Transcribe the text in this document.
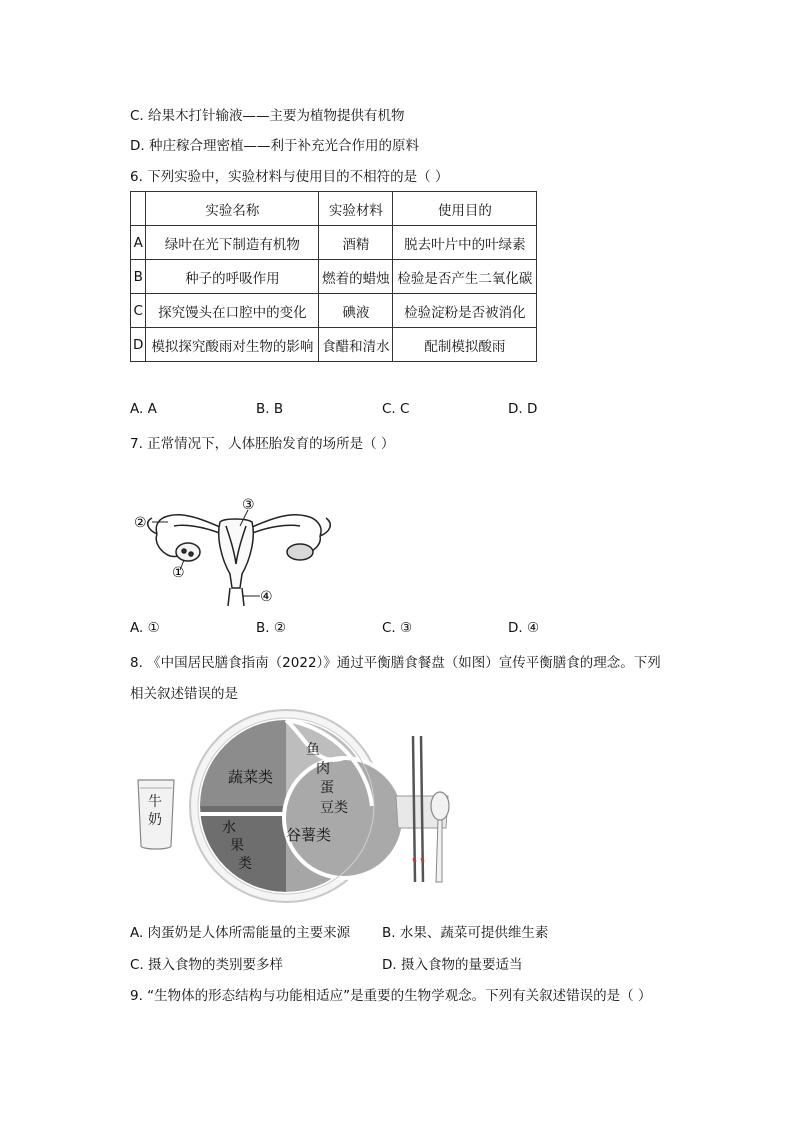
C. 给果木打针输液——主要为植物提供有机物
D. 种庄稼合理密植——利于补充光合作用的原料
6. 下列实验中，实验材料与使用目的不相符的是（ ）
	实验名称	实验材料	使用目的
A	绿叶在光下制造有机物	酒精	脱去叶片中的叶绿素
B	种子的呼吸作用	燃着的蜡烛	检验是否产生二氧化碳
C	探究馒头在口腔中的变化	碘液	检验淀粉是否被消化
D	模拟探究酸雨对生物的影响	食醋和清水	配制模拟酸雨
A. A	B. B	C. C	D. D
7. 正常情况下，人体胚胎发育的场所是（ ）
②
①
③
④
A. ①	B. ②	C. ③	D. ④
8. 《中国居民膳食指南（2022）》通过平衡膳食餐盘（如图）宣传平衡膳食的理念。下列
相关叙述错误的是
牛
奶
蔬菜类
鱼
肉
蛋
豆类
谷薯类
水
果
类
A. 肉蛋奶是人体所需能量的主要来源 B. 水果、蔬菜可提供维生素
C. 摄入食物的类别要多样	D. 摄入食物的量要适当
9. “生物体的形态结构与功能相适应”是重要的生物学观念。下列有关叙述错误的是（ ）
